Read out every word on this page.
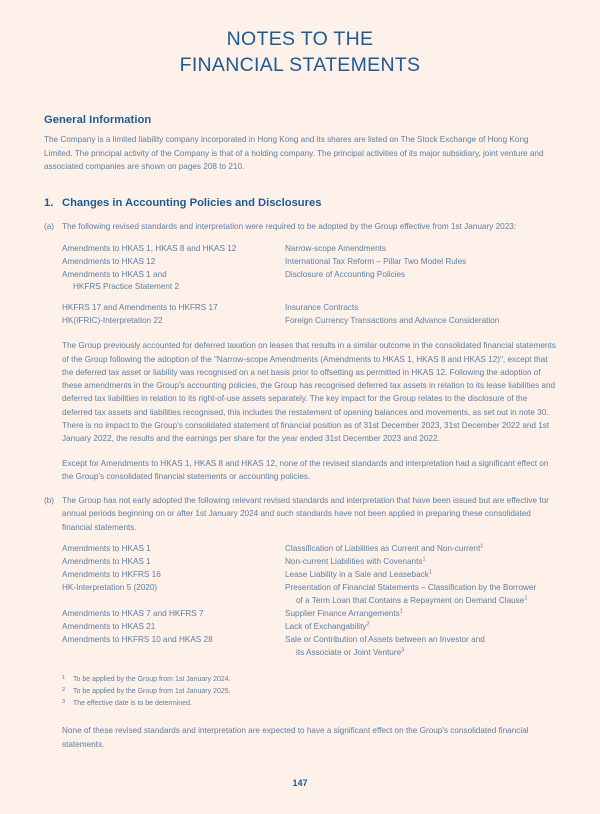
NOTES TO THE
FINANCIAL STATEMENTS
General Information
The Company is a limited liability company incorporated in Hong Kong and its shares are listed on The Stock Exchange of Hong Kong Limited. The principal activity of the Company is that of a holding company. The principal activities of its major subsidiary, joint venture and associated companies are shown on pages 208 to 210.
1. Changes in Accounting Policies and Disclosures
(a) The following revised standards and interpretation were required to be adopted by the Group effective from 1st January 2023:
Amendments to HKAS 1, HKAS 8 and HKAS 12	Narrow-scope Amendments
Amendments to HKAS 12	International Tax Reform – Pillar Two Model Rules
Amendments to HKAS 1 and
HKFRS Practice Statement 2	Disclosure of Accounting Policies

HKFRS 17 and Amendments to HKFRS 17	Insurance Contracts
HK(IFRIC)-Interpretation 22	Foreign Currency Transactions and Advance Consideration
The Group previously accounted for deferred taxation on leases that results in a similar outcome in the consolidated financial statements of the Group following the adoption of the "Narrow-scope Amendments (Amendments to HKAS 1, HKAS 8 and HKAS 12)", except that the deferred tax asset or liability was recognised on a net basis prior to offsetting as permitted in HKAS 12. Following the adoption of these amendments in the Group's accounting policies, the Group has recognised deferred tax assets in relation to its lease liabilities and deferred tax liabilities in relation to its right-of-use assets separately. The key impact for the Group relates to the disclosure of the deferred tax assets and liabilities recognised, this includes the restatement of opening balances and movements, as set out in note 30. There is no impact to the Group's consolidated statement of financial position as of 31st December 2023, 31st December 2022 and 1st January 2022, the results and the earnings per share for the year ended 31st December 2023 and 2022.
Except for Amendments to HKAS 1, HKAS 8 and HKAS 12, none of the revised standards and interpretation had a significant effect on the Group's consolidated financial statements or accounting policies.
(b) The Group has not early adopted the following relevant revised standards and interpretation that have been issued but are effective for annual periods beginning on or after 1st January 2024 and such standards have not been applied in preparing these consolidated financial statements.
Amendments to HKAS 1	Classification of Liabilities as Current and Non-current$^1$
Amendments to HKAS 1	Non-current Liabilities with Covenants$^1$
Amendments to HKFRS 16	Lease Liability in a Sale and Leaseback$^1$
HK-Interpretation 5 (2020)	Presentation of Financial Statements – Classification by the Borrower
of a Term Loan that Contains a Repayment on Demand Clause$^1$

Amendments to HKAS 7 and HKFRS 7	Supplier Finance Arrangements$^1$
Amendments to HKAS 21	Lack of Exchangability$^2$
Amendments to HKFRS 10 and HKAS 28	Sale or Contribution of Assets between an Investor and
its Associate or Joint Venture$^3$
1	To be applied by the Group from 1st January 2024.
2	To be applied by the Group from 1st January 2025.
3	The effective date is to be determined.
None of these revised standards and interpretation are expected to have a significant effect on the Group's consolidated financial statements.
147
